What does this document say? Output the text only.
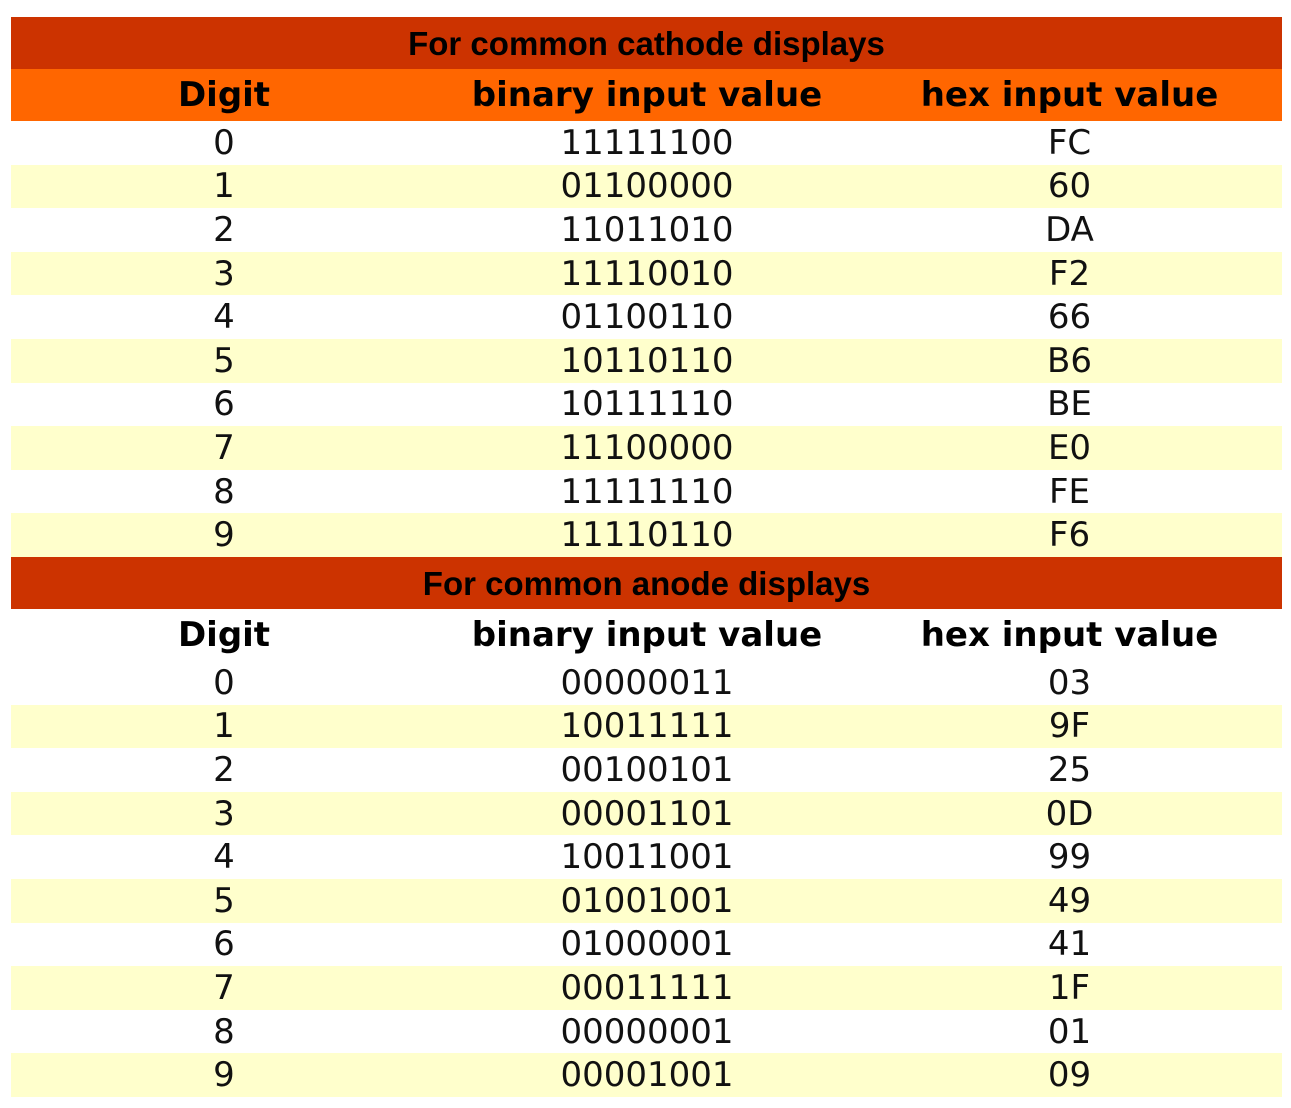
For common cathode displays
Digit	binary input value	hex input value
0	11111100	FC
1	01100000	60
2	11011010	DA
3	11110010	F2
4	01100110	66
5	10110110	B6
6	10111110	BE
7	11100000	E0
8	11111110	FE
9	11110110	F6
For common anode displays
Digit	binary input value	hex input value
0	00000011	03
1	10011111	9F
2	00100101	25
3	00001101	0D
4	10011001	99
5	01001001	49
6	01000001	41
7	00011111	1F
8	00000001	01
9	00001001	09
